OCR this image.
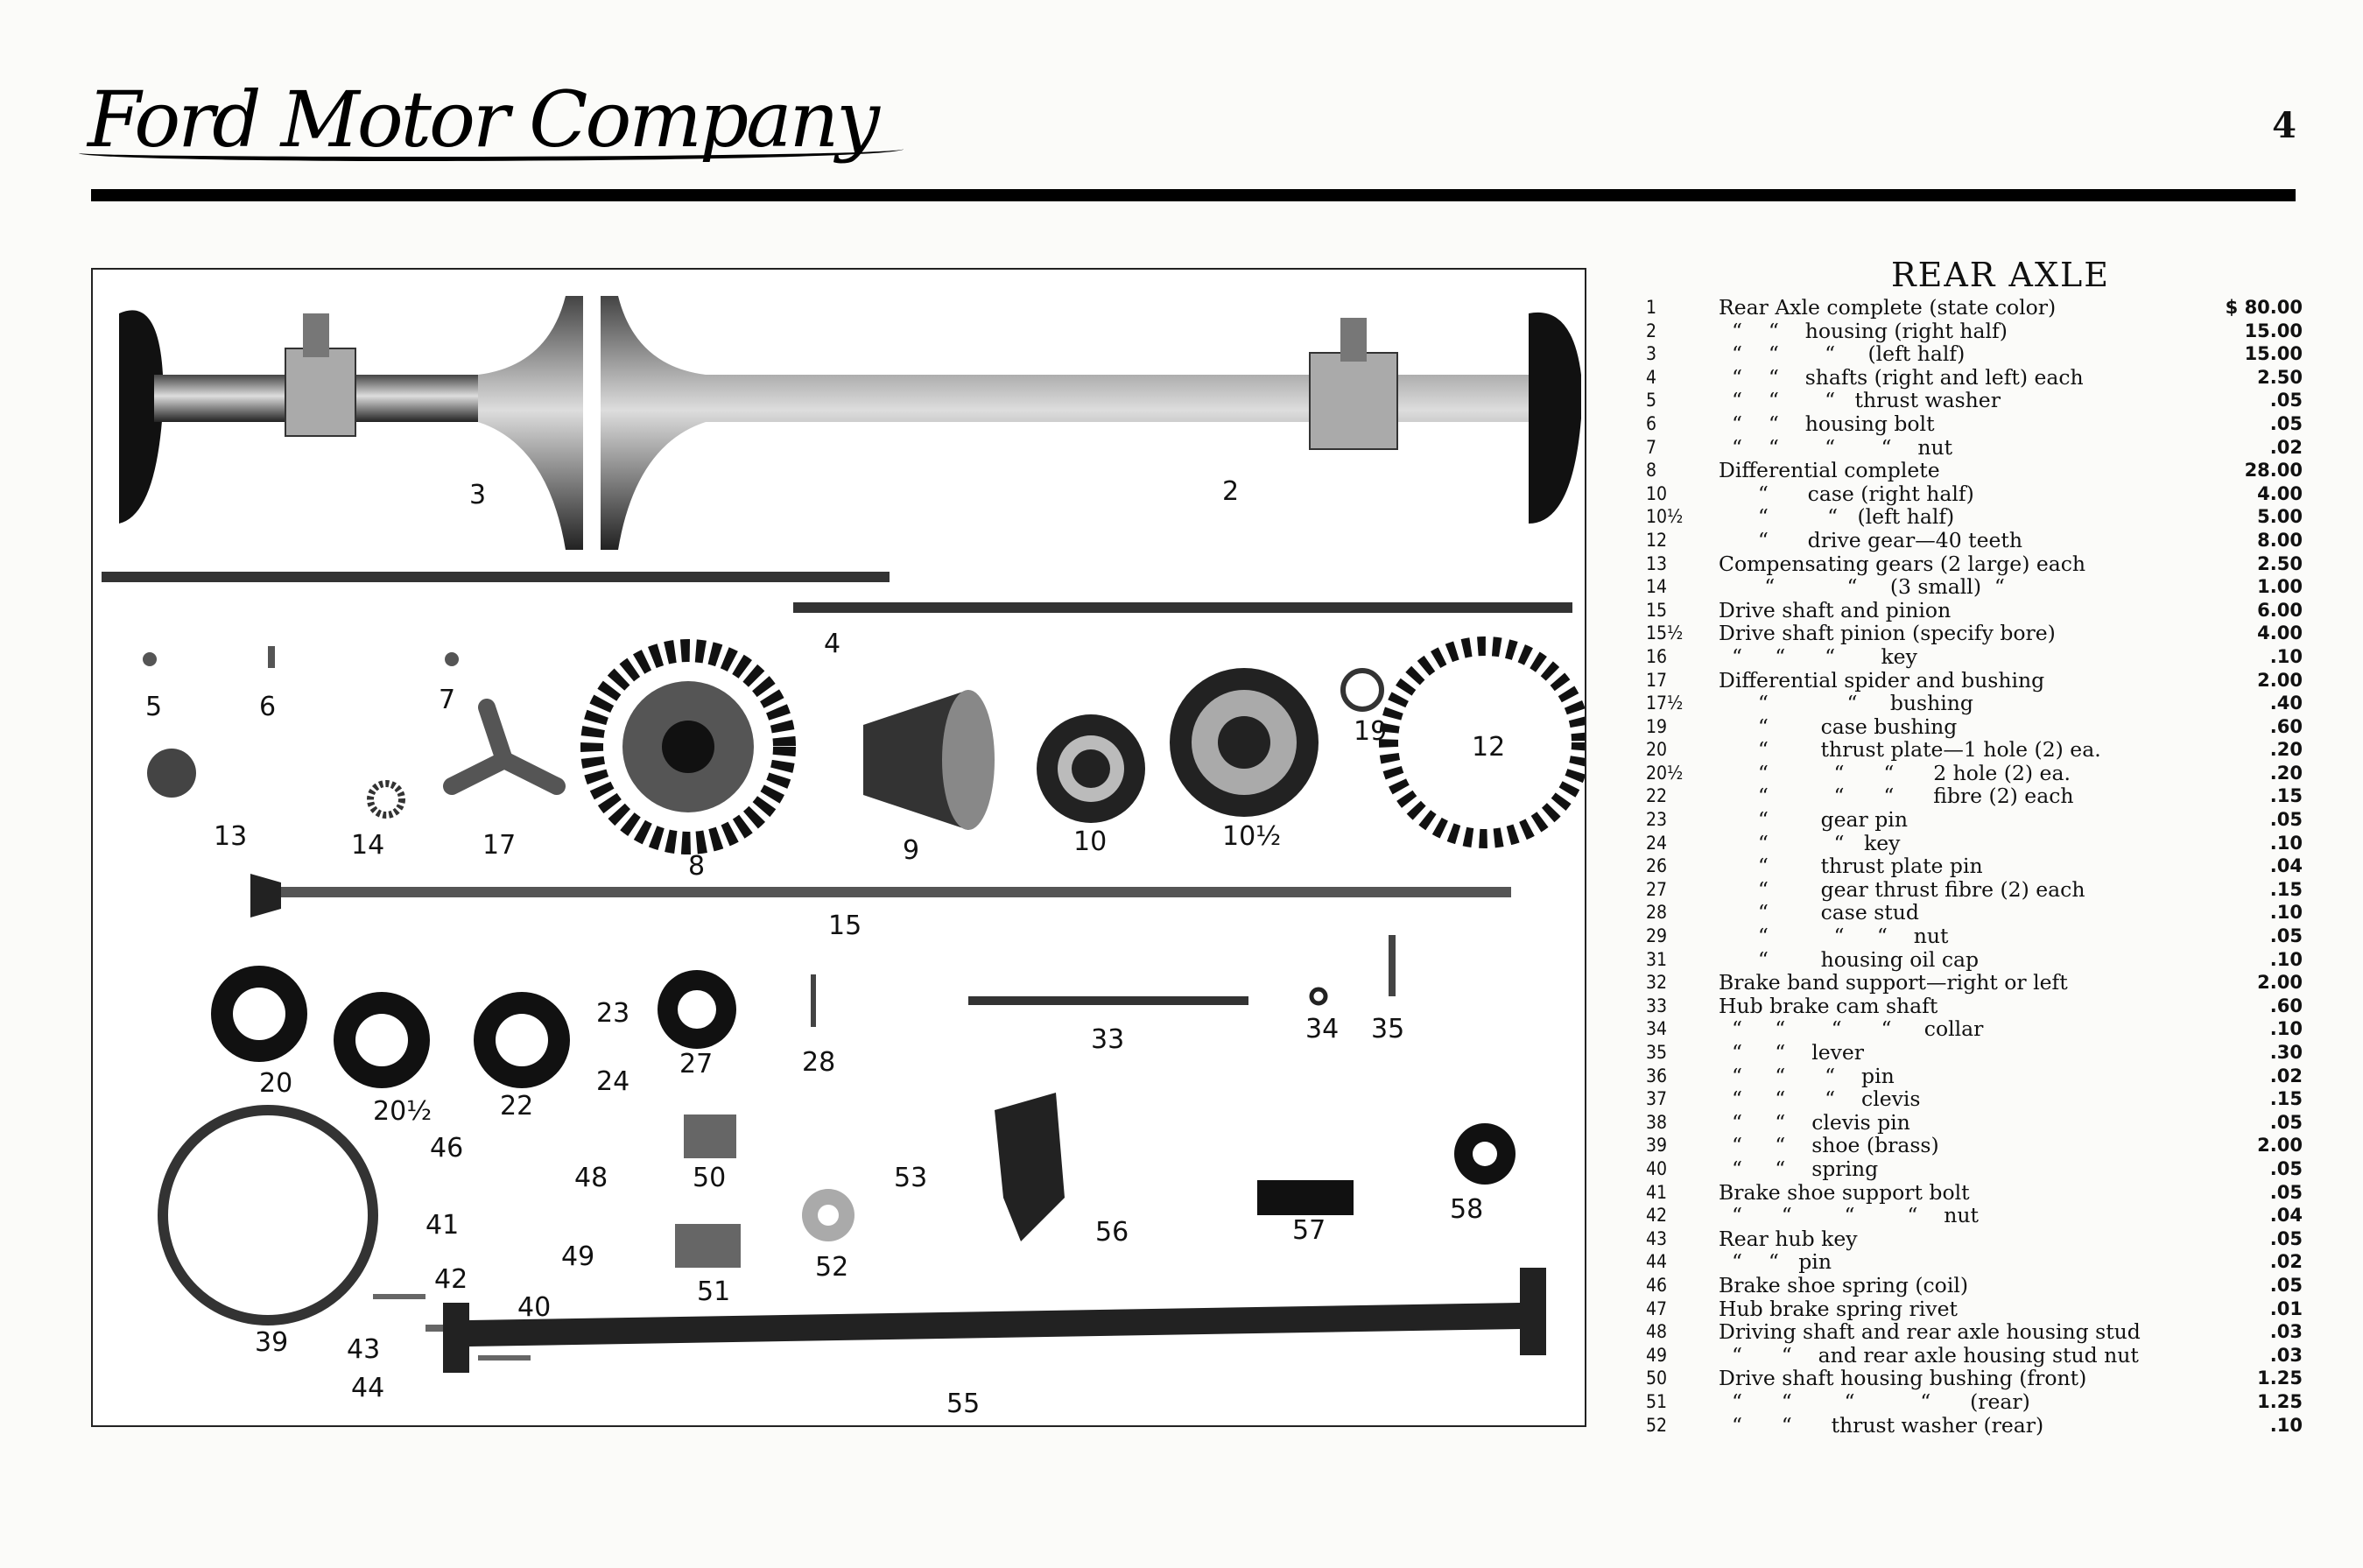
Ford Motor Company	4
3	2
4
5	6	7
13	14	17
8
9	10	10½
19
12
15
20
20½	22
23
24
27	28
33	34 35
46
48	50	53
56	57
58
41
42
49
40
51
52
39 43
44
55
REAR AXLE
1	Rear Axle complete (state color)	$ 80.00
2	“    “    housing (right half)	15.00
3	“    “       “     (left half)	15.00
4	“    “    shafts (right and left) each	2.50
5	“    “       “   thrust washer	.05
6	“    “    housing bolt	.05
7	“    “       “       “    nut	.02
8	Differential complete	28.00
10	“      case (right half)	4.00
10½	“         “   (left half)	5.00
12	“      drive gear—40 teeth	8.00
13	Compensating gears (2 large) each	2.50
14	“           “     (3 small)  “	1.00
15	Drive shaft and pinion	6.00
15½	Drive shaft pinion (specify bore)	4.00
16	“     “      “       key	.10
17	Differential spider and bushing	2.00
17½	“            “     bushing	.40
19	“        case bushing	.60
20	“        thrust plate—1 hole (2) ea.	.20
20½	“          “      “      2 hole (2) ea.	.20
22	“          “      “      fibre (2) each	.15
23	“        gear pin	.05
24	“          “   key	.10
26	“        thrust plate pin	.04
27	“        gear thrust fibre (2) each	.15
28	“        case stud	.10
29	“          “     “    nut	.05
31	“        housing oil cap	.10
32	Brake band support—right or left	2.00
33	Hub brake cam shaft	.60
34	“     “       “      “     collar	.10
35	“     “    lever	.30
36	“     “      “    pin	.02
37	“     “      “    clevis	.15
38	“     “    clevis pin	.05
39	“     “    shoe (brass)	2.00
40	“     “    spring	.05
41	Brake shoe support bolt	.05
42	“      “        “        “    nut	.04
43	Rear hub key	.05
44	“    “   pin	.02
46	Brake shoe spring (coil)	.05
47	Hub brake spring rivet	.01
48	Driving shaft and rear axle housing stud	.03
49	“      “    and rear axle housing stud nut	.03
50	Drive shaft housing bushing (front)	1.25
51	“      “        “          “      (rear)	1.25
52	“      “      thrust washer (rear)	.10
